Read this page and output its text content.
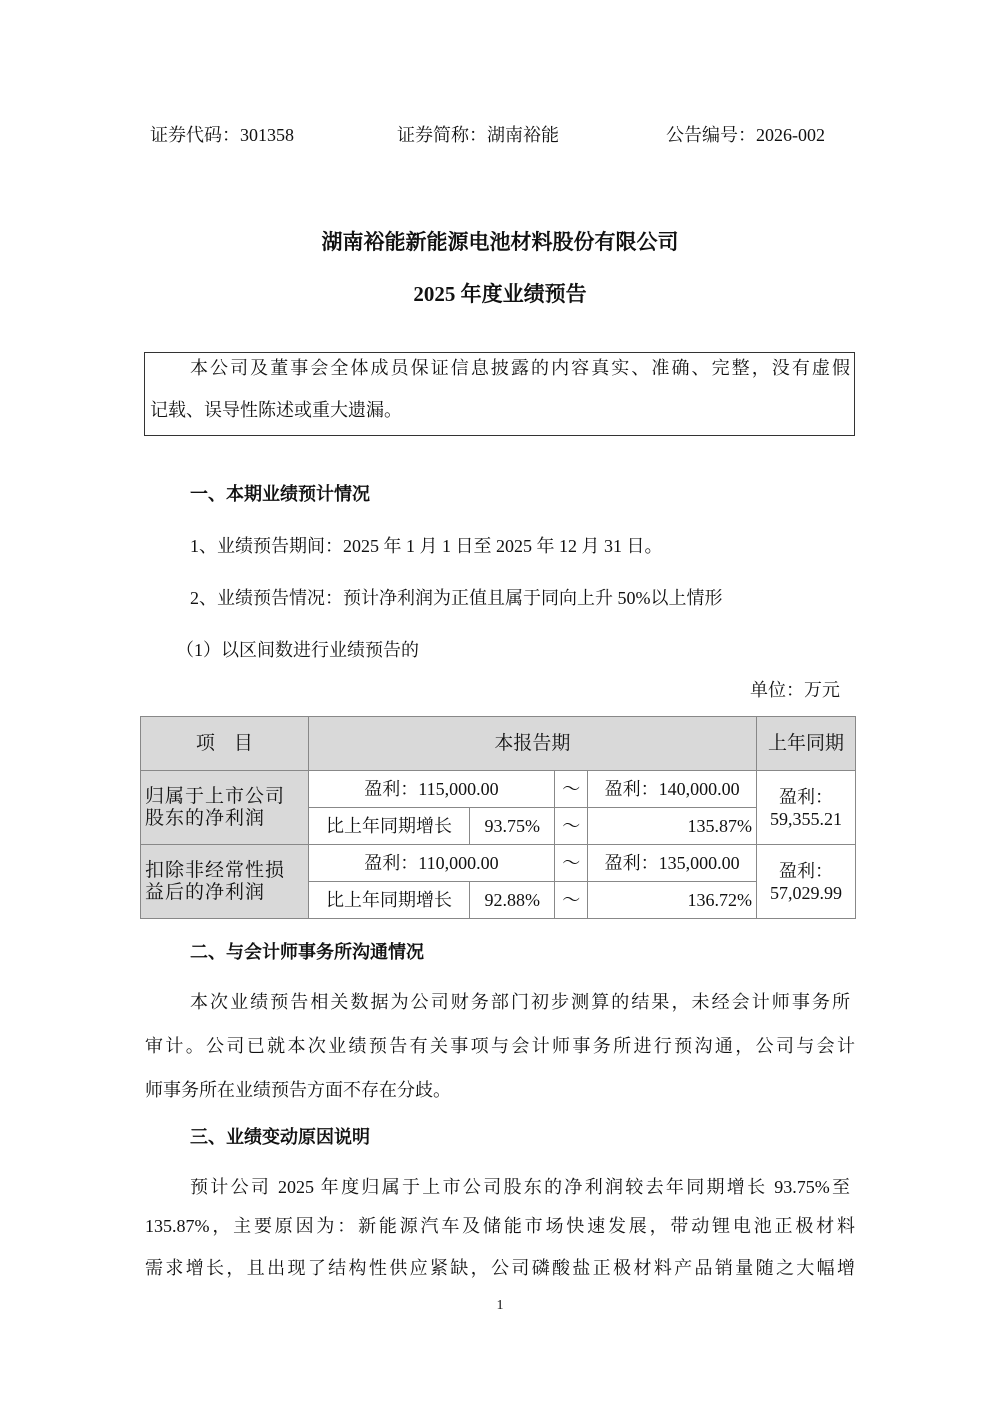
证券代码：301358	证券简称：湖南裕能	公告编号：2026-002
湖南裕能新能源电池材料股份有限公司
2025 年度业绩预告
本公司及董事会全体成员保证信息披露的内容真实、准确、完整，没有虚假
记载、误导性陈述或重大遗漏。
一、本期业绩预计情况
1、业绩预告期间：2025 年 1 月 1 日至 2025 年 12 月 31 日。
2、业绩预告情况：预计净利润为正值且属于同向上升 50%以上情形
（1）以区间数进行业绩预告的
单位：万元
项　目	本报告期				上年同期
归属于上市公司股东的净利润	盈利：115,000.00		～	盈利：140,000.00	盈利：
59,355.21
	比上年同期增长	93.75%	～	135.87%	
扣除非经常性损益后的净利润	盈利：110,000.00		～	盈利：135,000.00	盈利：
57,029.99
	比上年同期增长	92.88%	～	136.72%	
二、与会计师事务所沟通情况
本次业绩预告相关数据为公司财务部门初步测算的结果，未经会计师事务所
审计。公司已就本次业绩预告有关事项与会计师事务所进行预沟通，公司与会计
师事务所在业绩预告方面不存在分歧。
三、业绩变动原因说明
预计公司 2025 年度归属于上市公司股东的净利润较去年同期增长 93.75%至
135.87%，主要原因为：新能源汽车及储能市场快速发展，带动锂电池正极材料
需求增长，且出现了结构性供应紧缺，公司磷酸盐正极材料产品销量随之大幅增
1
